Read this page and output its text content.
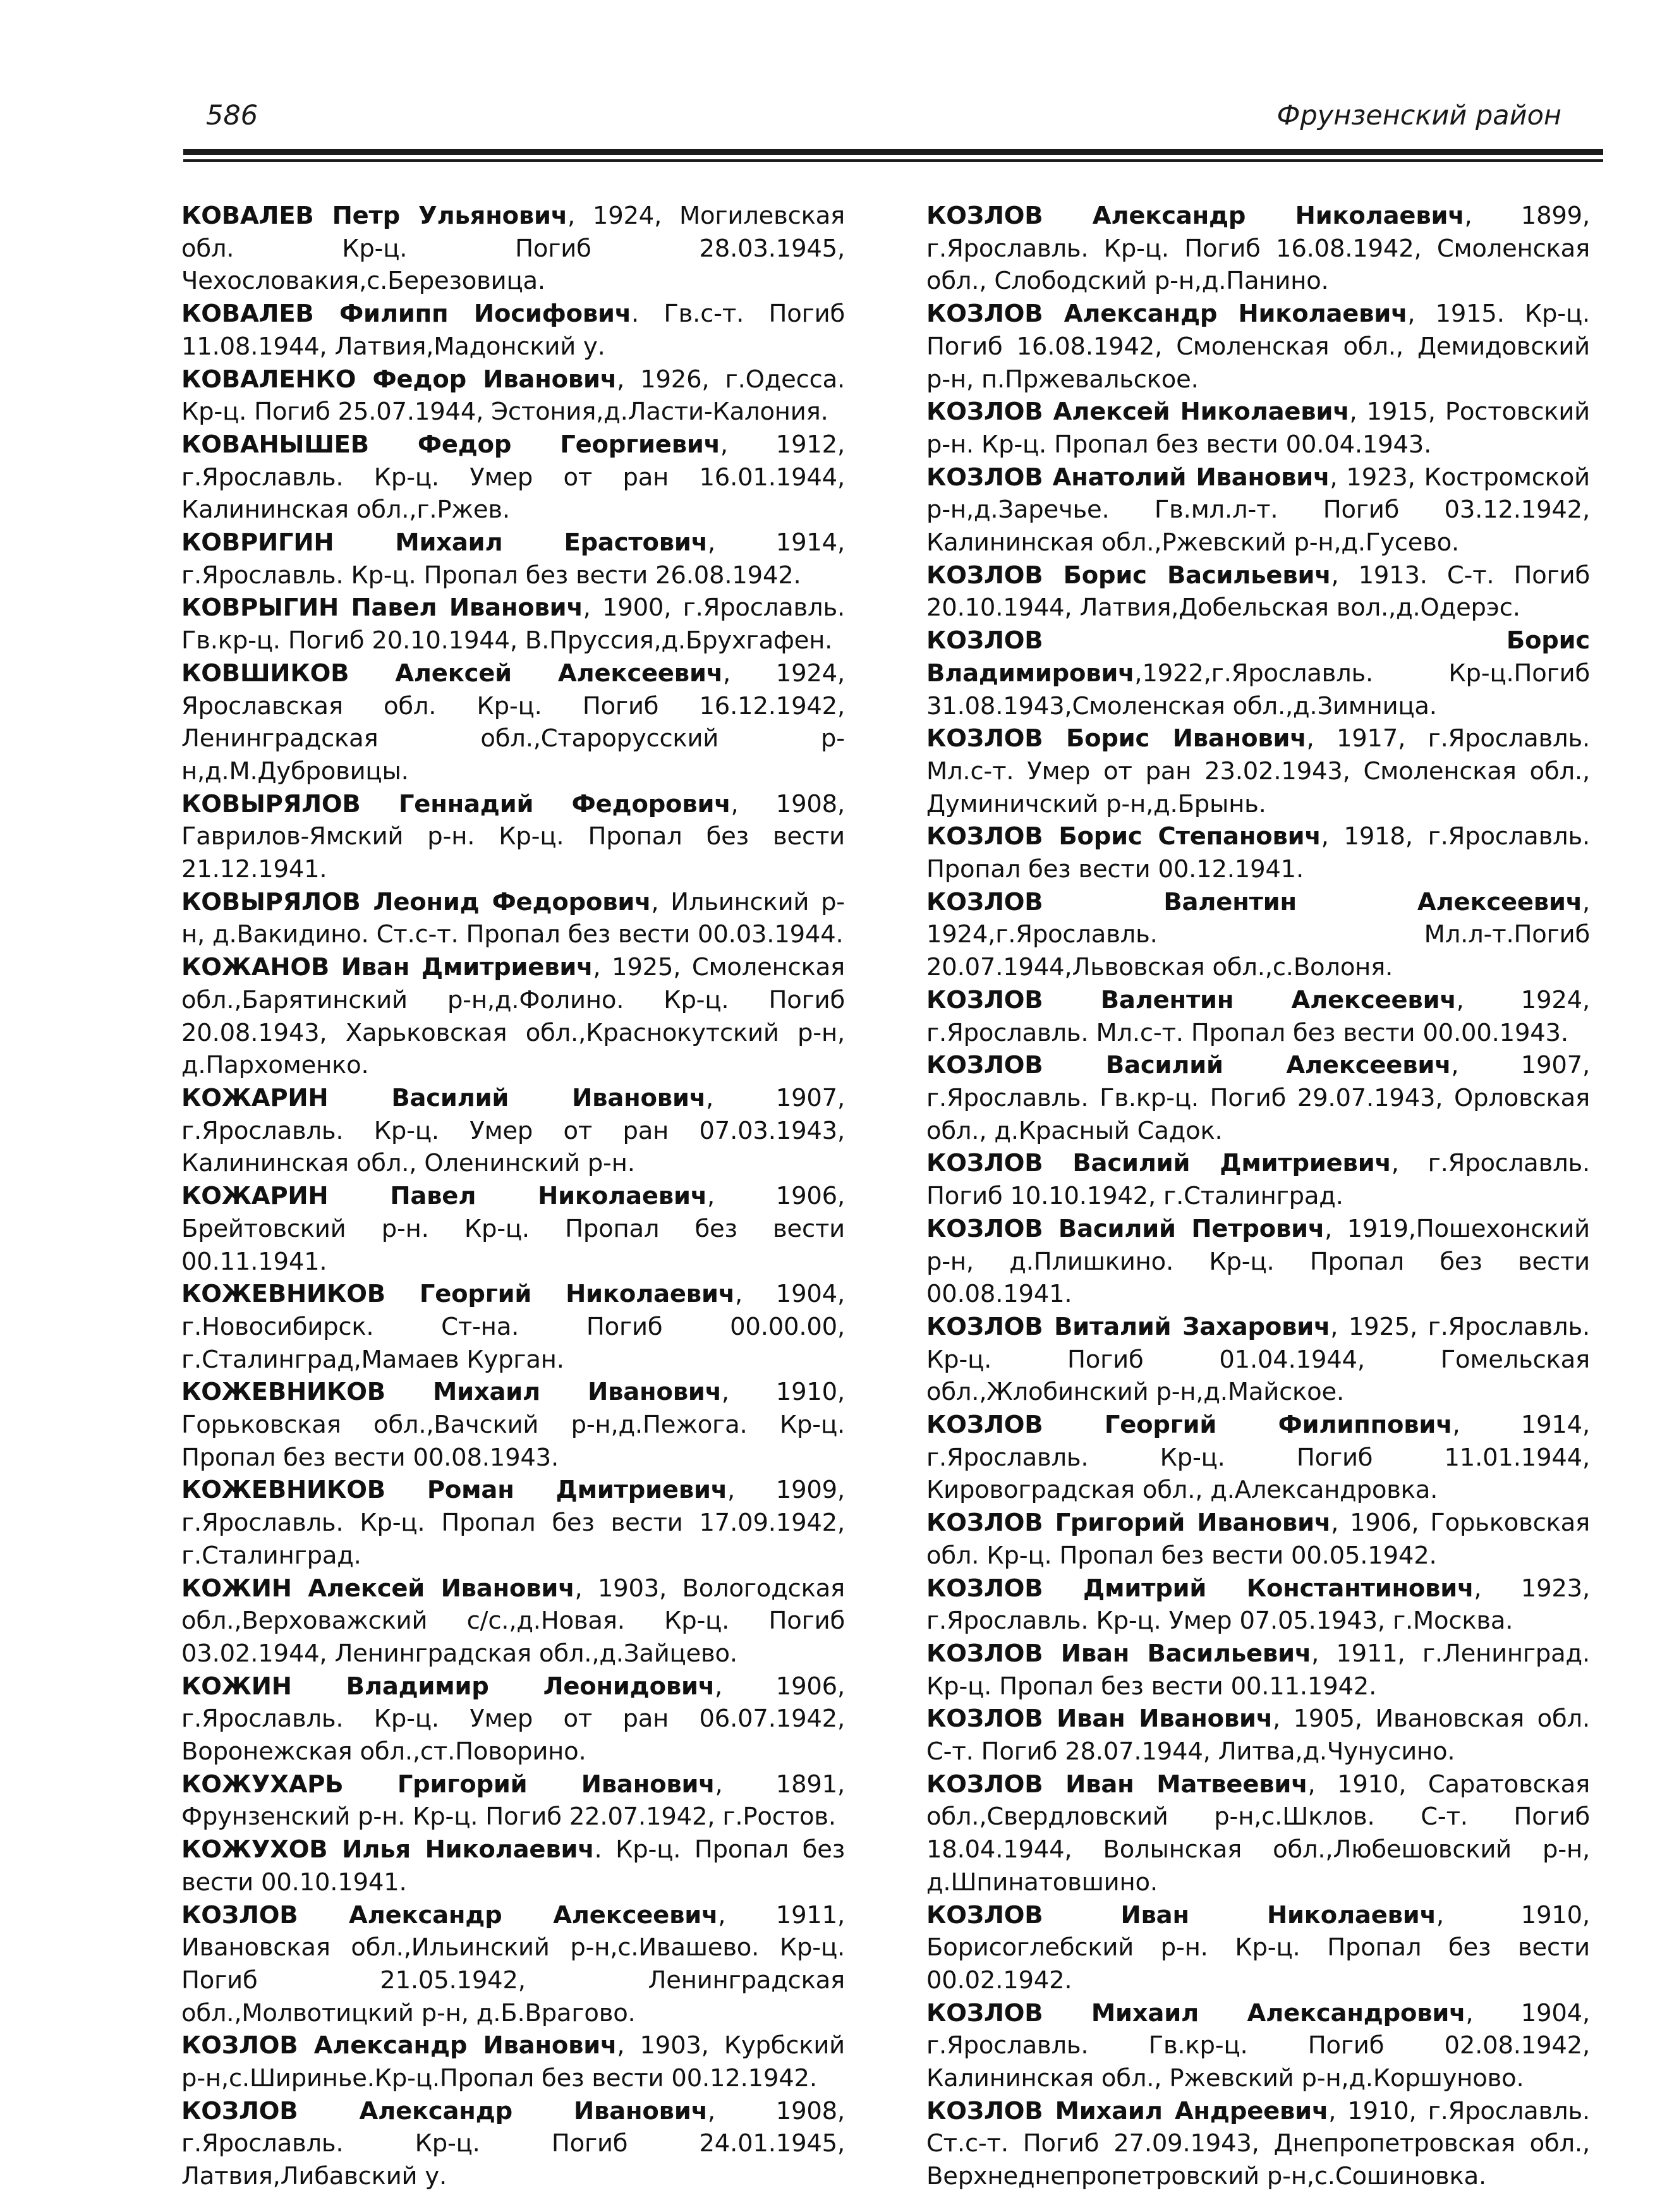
586	Фрунзенский район
КОВАЛЕВ Петр Ульянович, 1924, Могилевская обл. Кр-ц. Погиб 28.03.1945, Чехословакия,с.Березовица.
КОВАЛЕВ Филипп Иосифович. Гв.с-т. Погиб 11.08.1944, Латвия,Мадонский у.
КОВАЛЕНКО Федор Иванович, 1926, г.Одесса. Кр-ц. Погиб 25.07.1944, Эстония,д.Ласти-Калония.
КОВАНЫШЕВ Федор Георгиевич, 1912, г.Ярославль. Кр-ц. Умер от ран 16.01.1944, Калининская обл.,г.Ржев.
КОВРИГИН Михаил Ерастович, 1914, г.Ярославль. Кр-ц. Пропал без вести 26.08.1942.
КОВРЫГИН Павел Иванович, 1900, г.Ярославль. Гв.кр-ц. Погиб 20.10.1944, В.Пруссия,д.Брухгафен.
КОВШИКОВ Алексей Алексеевич, 1924, Ярославская обл. Кр-ц. Погиб 16.12.1942, Ленинградская обл.,Старорусский р-н,д.М.Дубровицы.
КОВЫРЯЛОВ Геннадий Федорович, 1908, Гаврилов-Ямский р-н. Кр-ц. Пропал без вести 21.12.1941.
КОВЫРЯЛОВ Леонид Федорович, Ильинский р-н, д.Вакидино. Ст.с-т. Пропал без вести 00.03.1944.
КОЖАНОВ Иван Дмитриевич, 1925, Смоленская обл.,Барятинский р-н,д.Фолино. Кр-ц. Погиб 20.08.1943, Харьковская обл.,Краснокутский р-н, д.Пархоменко.
КОЖАРИН Василий Иванович, 1907, г.Ярославль. Кр-ц. Умер от ран 07.03.1943, Калининская обл., Оленинский р-н.
КОЖАРИН Павел Николаевич, 1906, Брейтовский р-н. Кр-ц. Пропал без вести 00.11.1941.
КОЖЕВНИКОВ Георгий Николаевич, 1904, г.Новосибирск. Ст-на. Погиб 00.00.00, г.Сталинград,Мамаев Курган.
КОЖЕВНИКОВ Михаил Иванович, 1910, Горьковская обл.,Вачский р-н,д.Пежога. Кр-ц. Пропал без вести 00.08.1943.
КОЖЕВНИКОВ Роман Дмитриевич, 1909, г.Ярославль. Кр-ц. Пропал без вести 17.09.1942, г.Сталинград.
КОЖИН Алексей Иванович, 1903, Вологодская обл.,Верховажский с/с.,д.Новая. Кр-ц. Погиб 03.02.1944, Ленинградская обл.,д.Зайцево.
КОЖИН Владимир Леонидович, 1906, г.Ярославль. Кр-ц. Умер от ран 06.07.1942, Воронежская обл.,ст.Поворино.
КОЖУХАРЬ Григорий Иванович, 1891, Фрунзенский р-н. Кр-ц. Погиб 22.07.1942, г.Ростов.
КОЖУХОВ Илья Николаевич. Кр-ц. Пропал без вести 00.10.1941.
КОЗЛОВ Александр Алексеевич, 1911, Ивановская обл.,Ильинский р-н,с.Ивашево. Кр-ц. Погиб 21.05.1942, Ленинградская обл.,Молвотицкий р-н, д.Б.Врагово.
КОЗЛОВ Александр Иванович, 1903, Курбский р-н,с.Ширинье.Кр-ц.Пропал без вести 00.12.1942.
КОЗЛОВ Александр Иванович, 1908, г.Ярославль. Кр-ц. Погиб 24.01.1945, Латвия,Либавский у.
КОЗЛОВ Александр Николаевич, 1899, г.Ярославль. Кр-ц. Погиб 16.08.1942, Смоленская обл., Слободский р-н,д.Панино.
КОЗЛОВ Александр Николаевич, 1915. Кр-ц. Погиб 16.08.1942, Смоленская обл., Демидовский р-н, п.Пржевальское.
КОЗЛОВ Алексей Николаевич, 1915, Ростовский р-н. Кр-ц. Пропал без вести 00.04.1943.
КОЗЛОВ Анатолий Иванович, 1923, Костромской р-н,д.Заречье. Гв.мл.л-т. Погиб 03.12.1942, Калининская обл.,Ржевский р-н,д.Гусево.
КОЗЛОВ Борис Васильевич, 1913. С-т. Погиб 20.10.1944, Латвия,Добельская вол.,д.Одерэс.
КОЗЛОВ Борис Владимирович,1922,г.Ярославль. Кр-ц.Погиб 31.08.1943,Смоленская обл.,д.Зимница.
КОЗЛОВ Борис Иванович, 1917, г.Ярославль. Мл.с-т. Умер от ран 23.02.1943, Смоленская обл., Думиничский р-н,д.Брынь.
КОЗЛОВ Борис Степанович, 1918, г.Ярославль. Пропал без вести 00.12.1941.
КОЗЛОВ Валентин Алексеевич, 1924,г.Ярославль. Мл.л-т.Погиб 20.07.1944,Львовская обл.,с.Волоня.
КОЗЛОВ Валентин Алексеевич, 1924, г.Ярославль. Мл.с-т. Пропал без вести 00.00.1943.
КОЗЛОВ Василий Алексеевич, 1907, г.Ярославль. Гв.кр-ц. Погиб 29.07.1943, Орловская обл., д.Красный Садок.
КОЗЛОВ Василий Дмитриевич, г.Ярославль. Погиб 10.10.1942, г.Сталинград.
КОЗЛОВ Василий Петрович, 1919,Пошехонский р-н, д.Плишкино. Кр-ц. Пропал без вести 00.08.1941.
КОЗЛОВ Виталий Захарович, 1925, г.Ярославль. Кр-ц. Погиб 01.04.1944, Гомельская обл.,Жлобинский р-н,д.Майское.
КОЗЛОВ Георгий Филиппович, 1914, г.Ярославль. Кр-ц. Погиб 11.01.1944, Кировоградская обл., д.Александровка.
КОЗЛОВ Григорий Иванович, 1906, Горьковская обл. Кр-ц. Пропал без вести 00.05.1942.
КОЗЛОВ Дмитрий Константинович, 1923, г.Ярославль. Кр-ц. Умер 07.05.1943, г.Москва.
КОЗЛОВ Иван Васильевич, 1911, г.Ленинград. Кр-ц. Пропал без вести 00.11.1942.
КОЗЛОВ Иван Иванович, 1905, Ивановская обл. С-т. Погиб 28.07.1944, Литва,д.Чунусино.
КОЗЛОВ Иван Матвеевич, 1910, Саратовская обл.,Свердловский р-н,с.Шклов. С-т. Погиб 18.04.1944, Волынская обл.,Любешовский р-н, д.Шпинатовшино.
КОЗЛОВ Иван Николаевич, 1910, Борисоглебский р-н. Кр-ц. Пропал без вести 00.02.1942.
КОЗЛОВ Михаил Александрович, 1904, г.Ярославль. Гв.кр-ц. Погиб 02.08.1942, Калининская обл., Ржевский р-н,д.Коршуново.
КОЗЛОВ Михаил Андреевич, 1910, г.Ярославль. Ст.с-т. Погиб 27.09.1943, Днепропетровская обл., Верхнеднепропетровский р-н,с.Сошиновка.
